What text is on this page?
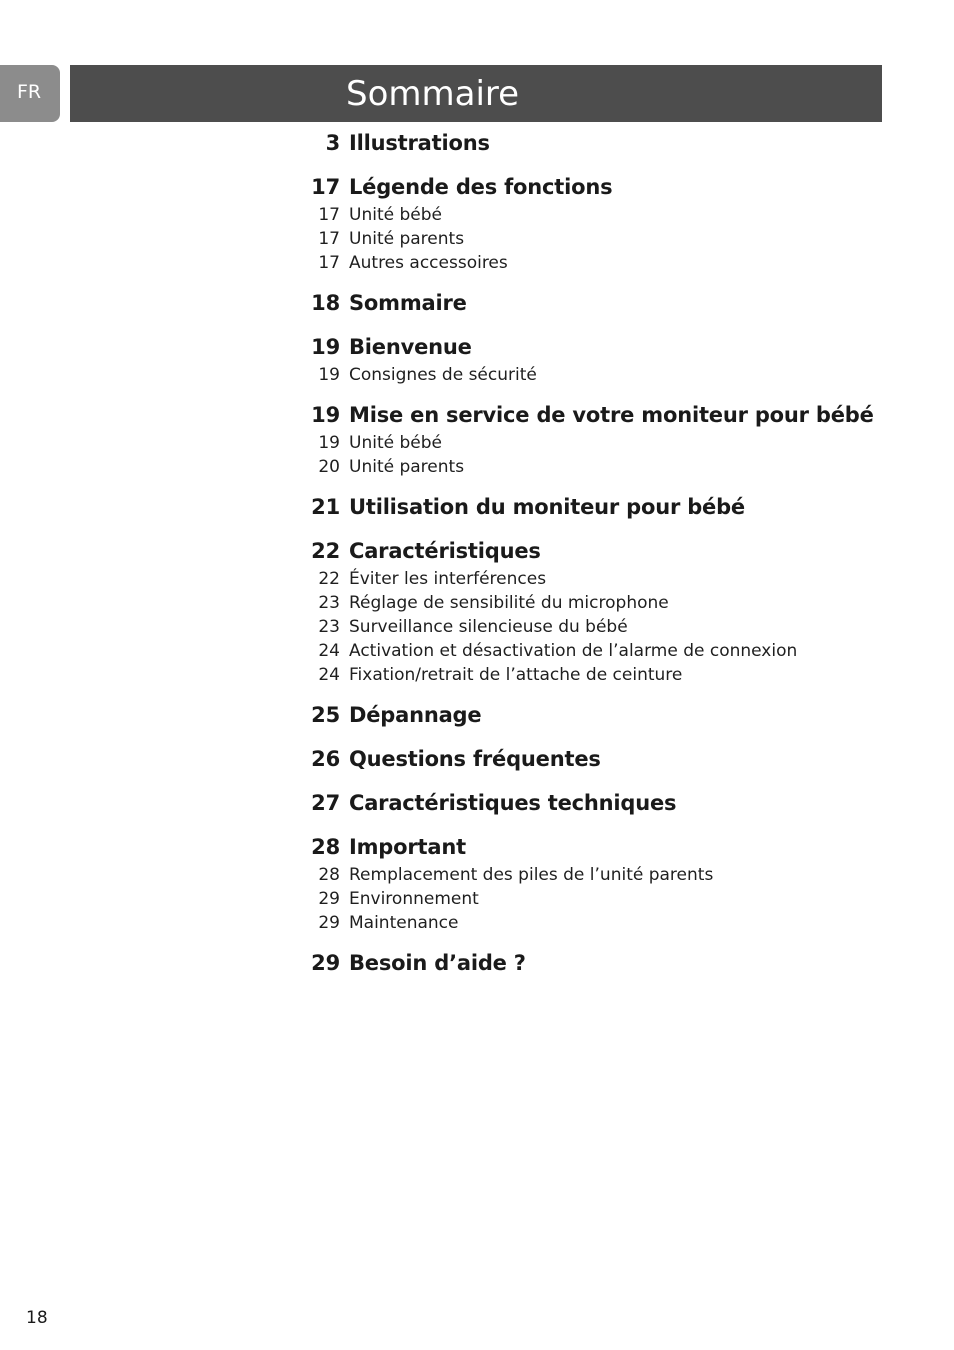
FR	Sommaire
3 Illustrations
17 Légende des fonctions
17 Unité bébé
17 Unité parents
17 Autres accessoires
18 Sommaire
19 Bienvenue
19 Consignes de sécurité
19 Mise en service de votre moniteur pour bébé
19 Unité bébé
20 Unité parents
21 Utilisation du moniteur pour bébé
22 Caractéristiques
22 Éviter les interférences
23 Réglage de sensibilité du microphone
23 Surveillance silencieuse du bébé
24 Activation et désactivation de l’alarme de connexion
24 Fixation/retrait de l’attache de ceinture
25 Dépannage
26 Questions fréquentes
27 Caractéristiques techniques
28 Important
28 Remplacement des piles de l’unité parents
29 Environnement
29 Maintenance
29 Besoin d’aide ?
18
